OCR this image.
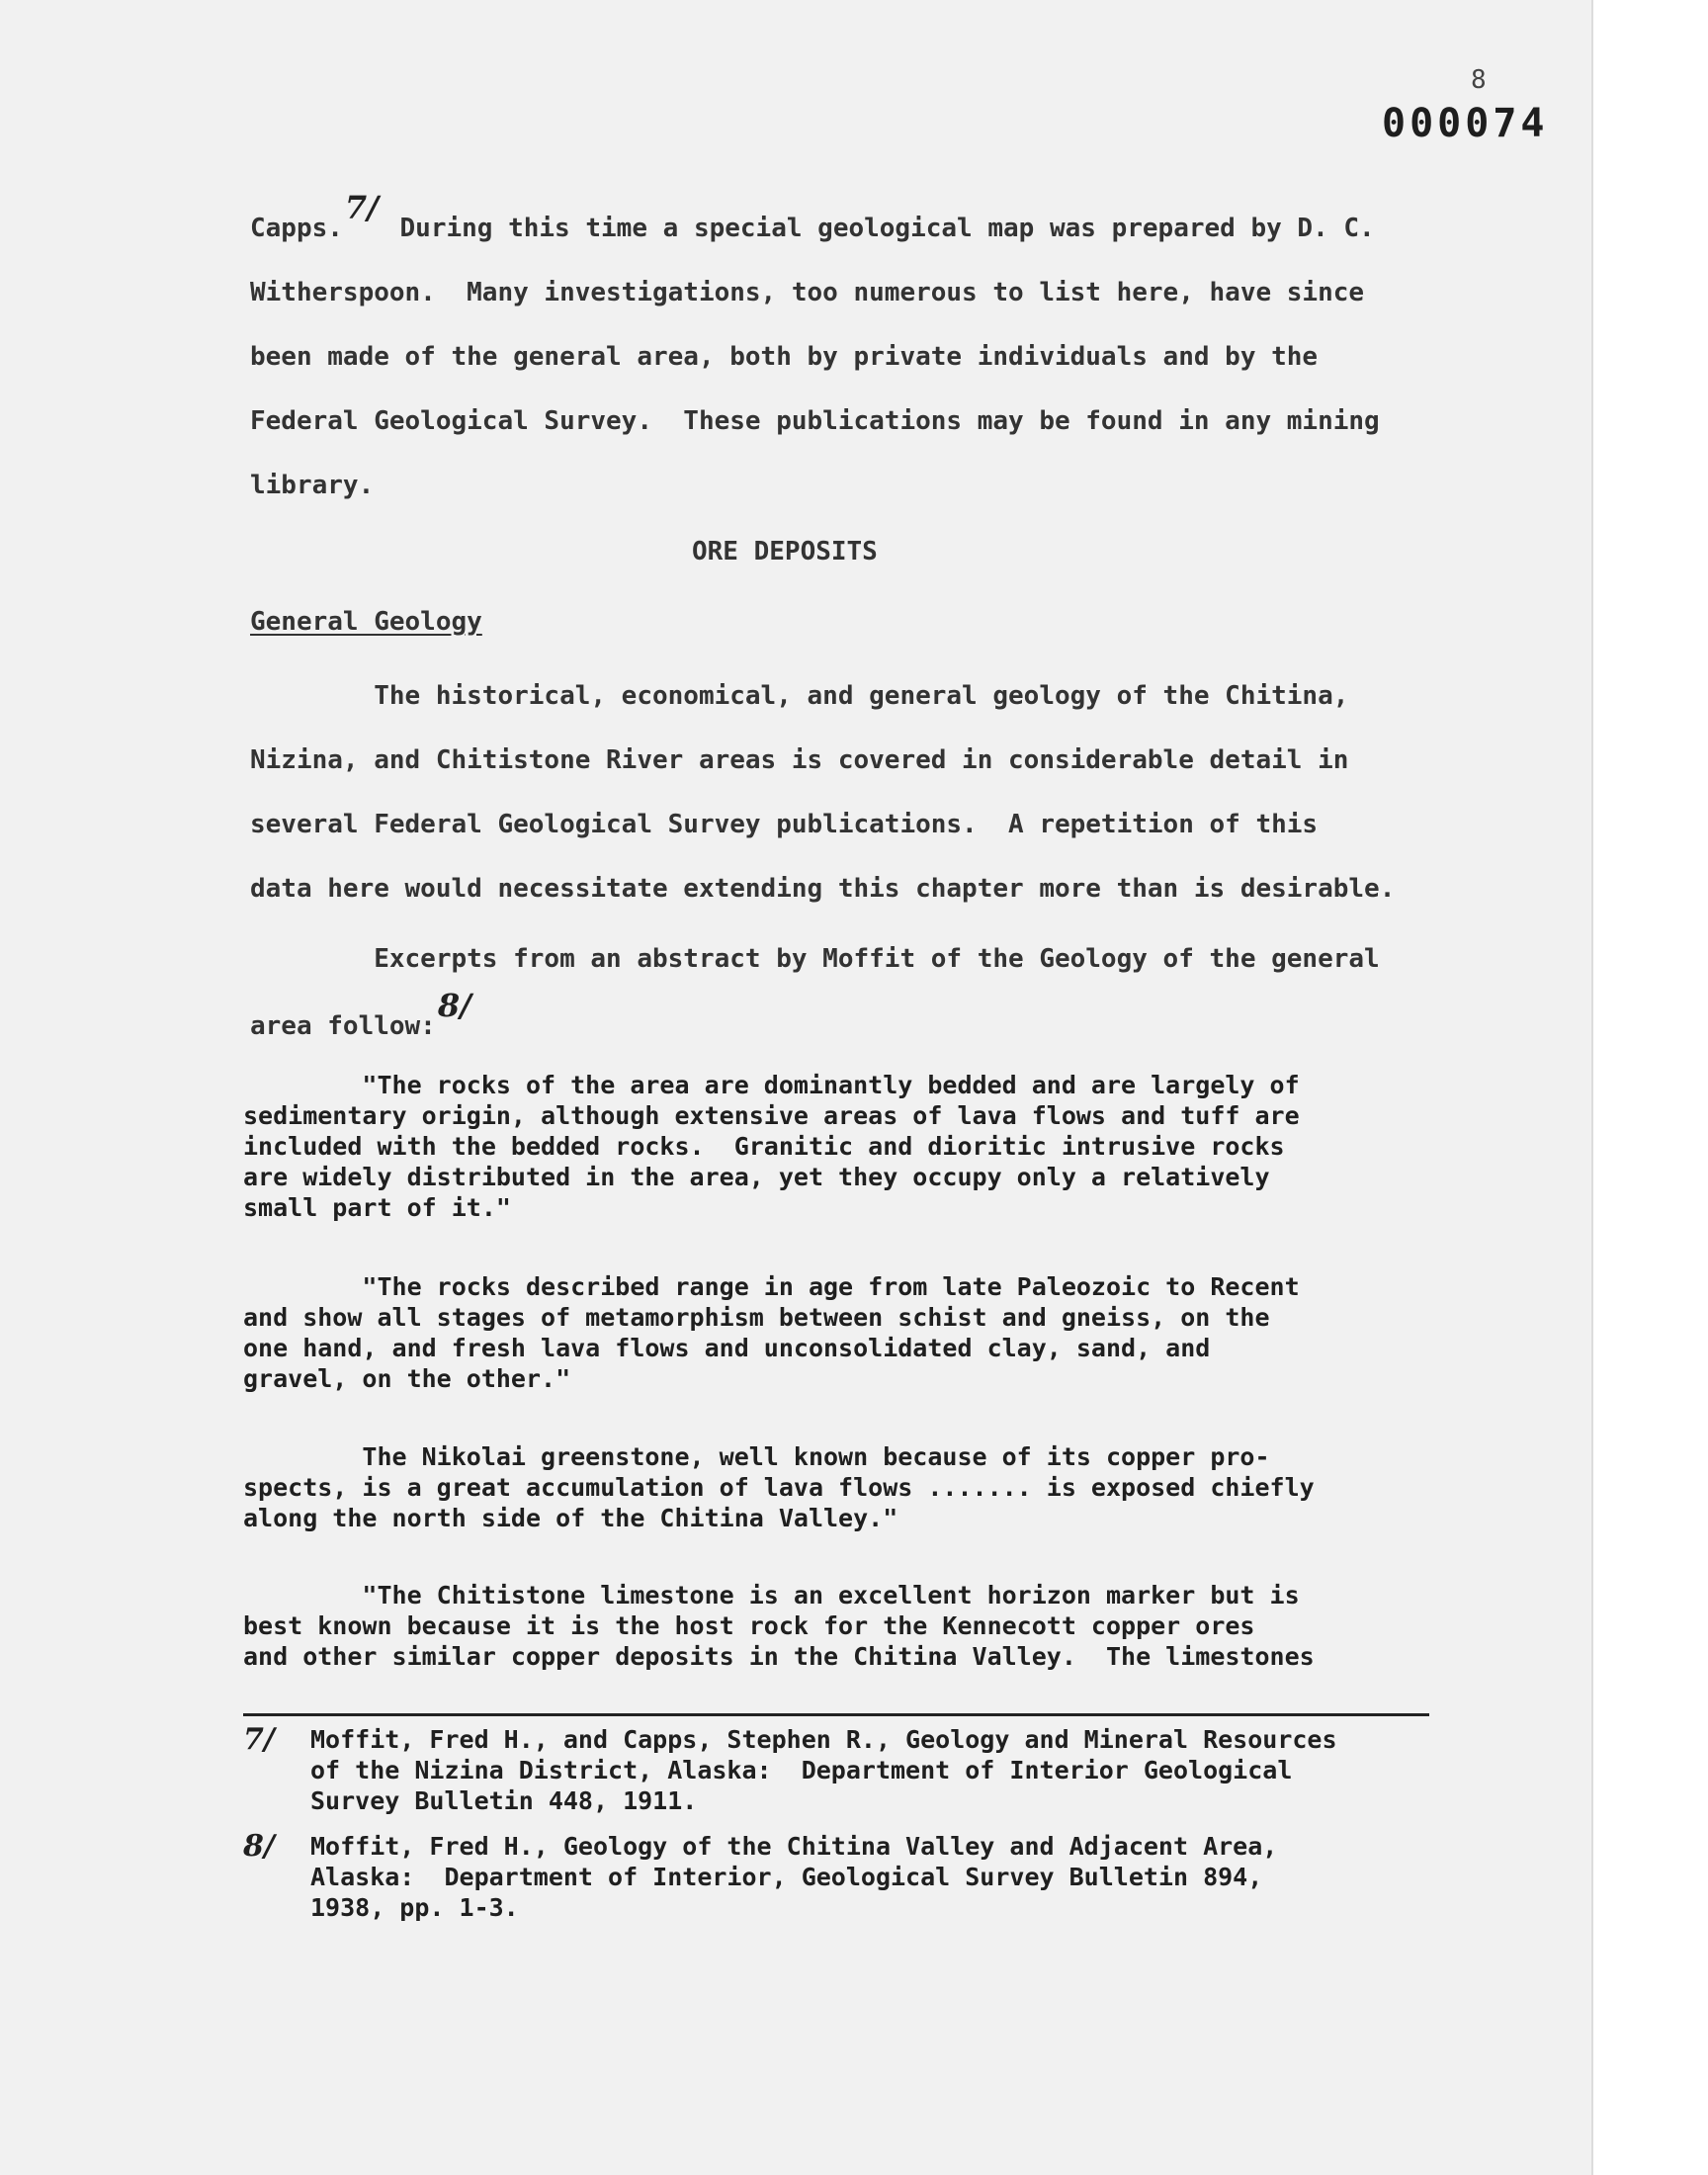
8
000074
Capps.7/ During this time a special geological map was prepared by D. C.
Witherspoon.  Many investigations, too numerous to list here, have since
been made of the general area, both by private individuals and by the
Federal Geological Survey.  These publications may be found in any mining
library.
ORE DEPOSITS
General Geology
The historical, economical, and general geology of the Chitina,
Nizina, and Chitistone River areas is covered in considerable detail in
several Federal Geological Survey publications.  A repetition of this
data here would necessitate extending this chapter more than is desirable.
Excerpts from an abstract by Moffit of the Geology of the general
area follow:8/
"The rocks of the area are dominantly bedded and are largely of
sedimentary origin, although extensive areas of lava flows and tuff are
included with the bedded rocks.  Granitic and dioritic intrusive rocks
are widely distributed in the area, yet they occupy only a relatively
small part of it."
"The rocks described range in age from late Paleozoic to Recent
and show all stages of metamorphism between schist and gneiss, on the
one hand, and fresh lava flows and unconsolidated clay, sand, and
gravel, on the other."
The Nikolai greenstone, well known because of its copper pro-
spects, is a great accumulation of lava flows ....... is exposed chiefly
along the north side of the Chitina Valley."
"The Chitistone limestone is an excellent horizon marker but is
best known because it is the host rock for the Kennecott copper ores
and other similar copper deposits in the Chitina Valley.  The limestones
7/	Moffit, Fred H., and Capps, Stephen R., Geology and Mineral Resources
of the Nizina District, Alaska:  Department of Interior Geological
Survey Bulletin 448, 1911.
8/	Moffit, Fred H., Geology of the Chitina Valley and Adjacent Area,
Alaska:  Department of Interior, Geological Survey Bulletin 894,
1938, pp. 1-3.
